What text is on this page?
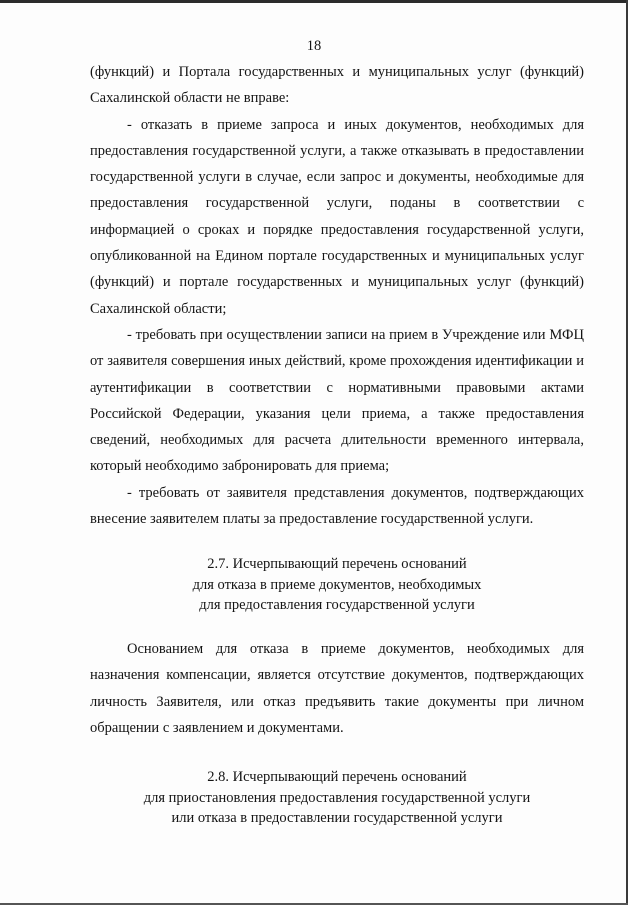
18

(функций) и Портала государственных и муниципальных услуг (функций) Сахалинской области не вправе:

- отказать в приеме запроса и иных документов, необходимых для предоставления государственной услуги, а также отказывать в предоставлении государственной услуги в случае, если запрос и документы, необходимые для предоставления государственной услуги, поданы в соответствии с информацией о сроках и порядке предоставления государственной услуги, опубликованной на Едином портале государственных и муниципальных услуг (функций) и портале государственных и муниципальных услуг (функций) Сахалинской области;

- требовать при осуществлении записи на прием в Учреждение или МФЦ от заявителя совершения иных действий, кроме прохождения идентификации и аутентификации в соответствии с нормативными правовыми актами Российской Федерации, указания цели приема, а также предоставления сведений, необходимых для расчета длительности временного интервала, который необходимо забронировать для приема;

- требовать от заявителя представления документов, подтверждающих внесение заявителем платы за предоставление государственной услуги.

2.7. Исчерпывающий перечень оснований
для отказа в приеме документов, необходимых
для предоставления государственной услуги

Основанием для отказа в приеме документов, необходимых для назначения компенсации, является отсутствие документов, подтверждающих личность Заявителя, или отказ предъявить такие документы при личном обращении с заявлением и документами.

2.8. Исчерпывающий перечень оснований
для приостановления предоставления государственной услуги
или отказа в предоставлении государственной услуги
